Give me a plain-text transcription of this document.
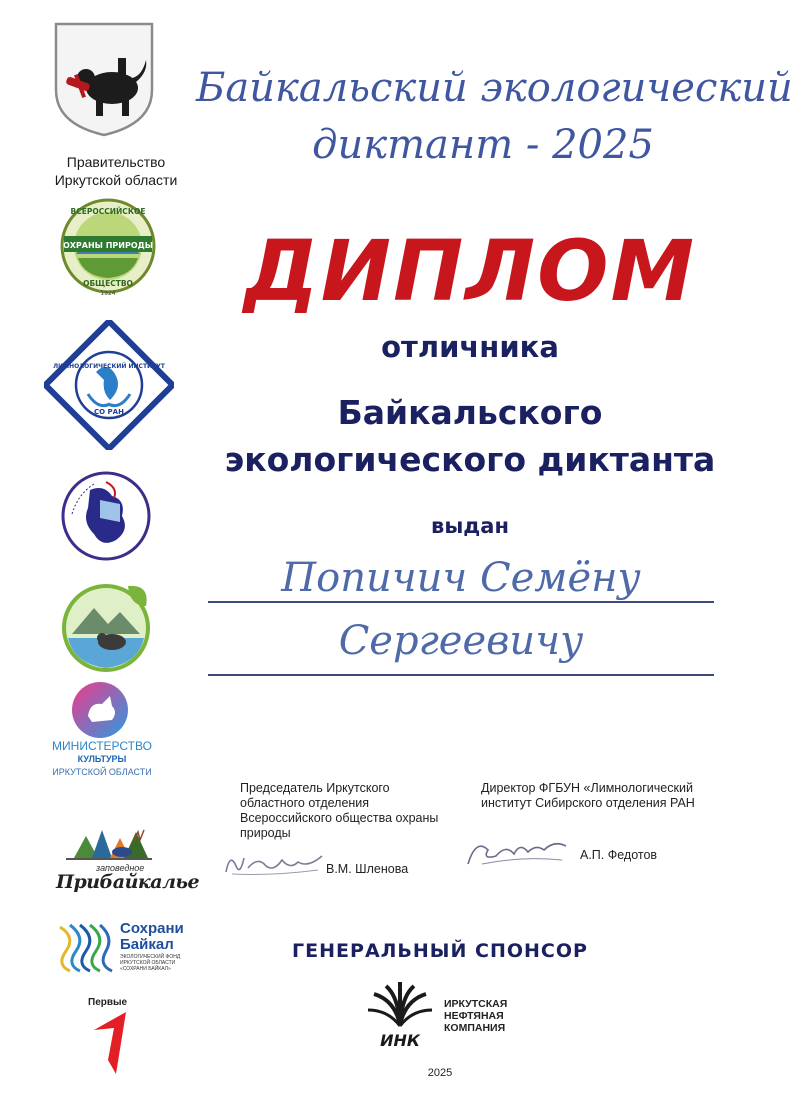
Правительство
Иркутской области
ОХРАНЫ ПРИРОДЫ
ВСЕРОССИЙСКОЕ
ОБЩЕСТВО
1924
ЛИМНОЛОГИЧЕСКИЙ ИНСТИТУТ
СО РАН
МИНИСТЕРСТВО
КУЛЬТУРЫ
ИРКУТСКОЙ ОБЛАСТИ
заповедное
Прибайкалье
Сохрани
Байкал
ЭКОЛОГИЧЕСКИЙ ФОНД ИРКУТСКОЙ ОБЛАСТИ «СОХРАНИ БАЙКАЛ»
Первые
Байкальский экологический
диктант - 2025
ДИПЛОМ
отличника
Байкальского
экологического диктанта
выдан
Попичич Семёну
Сергеевичу
Председатель Иркутского областного отделения Всероссийского общества охраны природы
Директор ФГБУН «Лимнологический институт Сибирского отделения РАН
В.М. Шленова
А.П. Федотов
ГЕНЕРАЛЬНЫЙ СПОНСОР
ИНК
ИРКУТСКАЯ
НЕФТЯНАЯ
КОМПАНИЯ
2025
